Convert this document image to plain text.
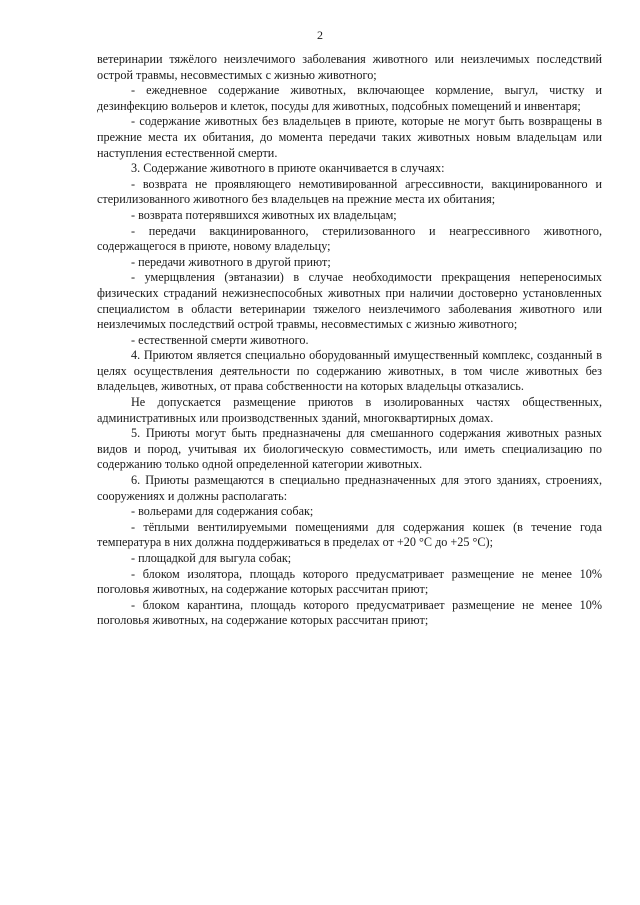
2

ветеринарии тяжёлого неизлечимого заболевания животного или неизлечимых последствий острой травмы, несовместимых с жизнью животного;

- ежедневное содержание животных, включающее кормление, выгул, чистку и дезинфекцию вольеров и клеток, посуды для животных, подсобных помещений и инвентаря;

- содержание животных без владельцев в приюте, которые не могут быть возвращены в прежние места их обитания, до момента передачи таких животных новым владельцам или наступления естественной смерти.

3. Содержание животного в приюте оканчивается в случаях:

- возврата не проявляющего немотивированной агрессивности, вакцинированного и стерилизованного животного без владельцев на прежние места их обитания;

- возврата потерявшихся животных их владельцам;

- передачи вакцинированного, стерилизованного и неагрессивного животного, содержащегося в приюте, новому владельцу;

- передачи животного в другой приют;

- умерщвления (эвтаназии) в случае необходимости прекращения непереносимых физических страданий нежизнеспособных животных при наличии достоверно установленных специалистом в области ветеринарии тяжелого неизлечимого заболевания животного или неизлечимых последствий острой травмы, несовместимых с жизнью животного;

- естественной смерти животного.

4. Приютом является специально оборудованный имущественный комплекс, созданный в целях осуществления деятельности по содержанию животных, в том числе животных без владельцев, животных, от права собственности на которых владельцы отказались.

Не допускается размещение приютов в изолированных частях общественных, административных или производственных зданий, многоквартирных домах.

5. Приюты могут быть предназначены для смешанного содержания животных разных видов и пород, учитывая их биологическую совместимость, или иметь специализацию по содержанию только одной определенной категории животных.

6. Приюты размещаются в специально предназначенных для этого зданиях, строениях, сооружениях и должны располагать:

- вольерами для содержания собак;

- тёплыми вентилируемыми помещениями для содержания кошек (в течение года температура в них должна поддерживаться в пределах от +20 °С до +25 °С);

- площадкой для выгула собак;

- блоком изолятора, площадь которого предусматривает размещение не менее 10% поголовья животных, на содержание которых рассчитан приют;

- блоком карантина, площадь которого предусматривает размещение не менее 10% поголовья животных, на содержание которых рассчитан приют;
